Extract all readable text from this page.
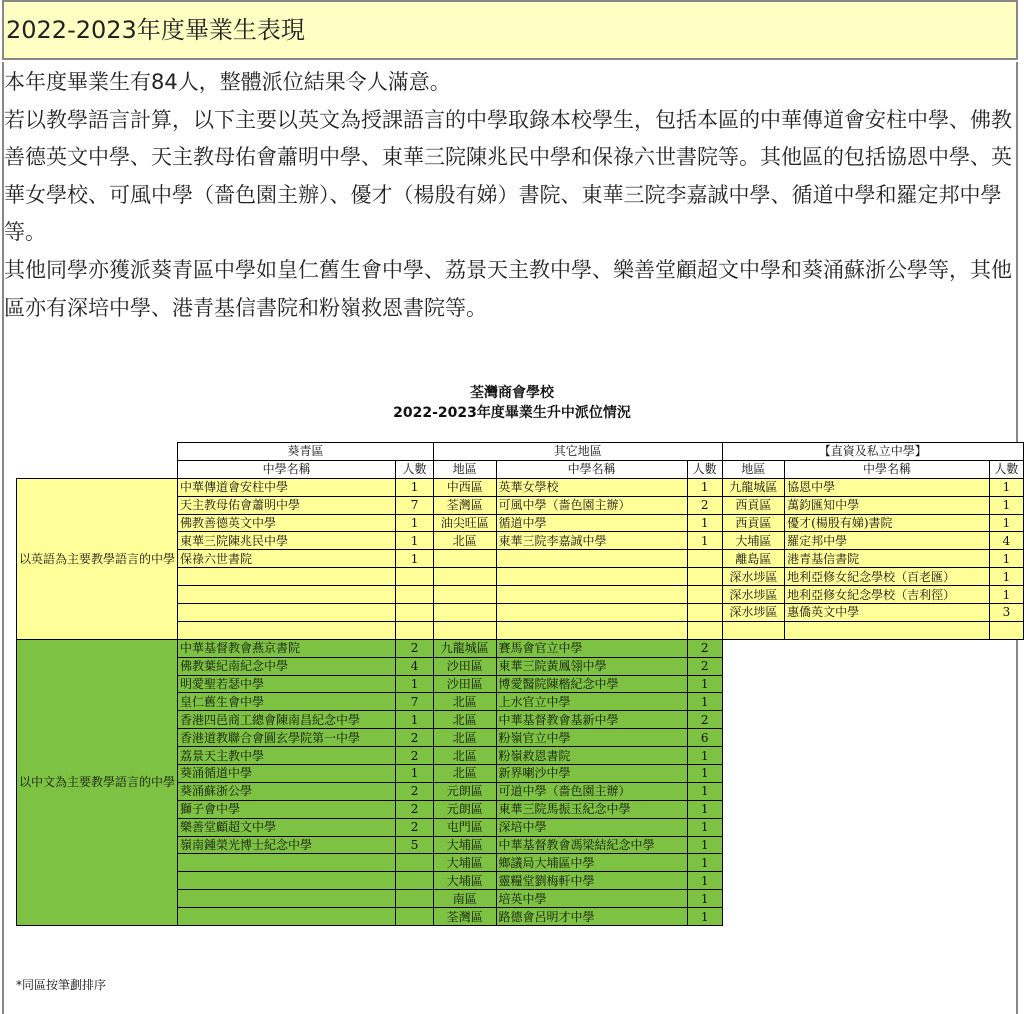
2022-2023年度畢業生表現

本年度畢業生有84人，整體派位結果令人滿意。

若以教學語言計算，以下主要以英文為授課語言的中學取錄本校學生，包括本區的中華傳道會安柱中學、佛教善德英文中學、天主教母佑會蕭明中學、東華三院陳兆民中學和保祿六世書院等。其他區的包括協恩中學、英華女學校、可風中學（嗇色園主辦）、優才（楊殷有娣）書院、東華三院李嘉誠中學、循道中學和羅定邦中學等。

其他同學亦獲派葵青區中學如皇仁舊生會中學、荔景天主教中學、樂善堂顧超文中學和葵涌蘇浙公學等，其他區亦有深培中學、港青基信書院和粉嶺救恩書院等。

荃灣商會學校
2022-2023年度畢業生升中派位情況
	葵青區		其它地區			【直資及私立中學】		
	中學名稱	人數	地區	中學名稱	人數	地區	中學名稱	人數
以英語為主要教學語言的中學	中華傳道會安柱中學	1	中西區	英華女學校	1	九龍城區	協恩中學	1
	天主教母佑會蕭明中學	7	荃灣區	可風中學（嗇色園主辦）	2	西貢區	萬鈞匯知中學	1
	佛教善德英文中學	1	油尖旺區	循道中學	1	西貢區	優才(楊殷有娣)書院	1
	東華三院陳兆民中學	1	北區	東華三院李嘉誠中學	1	大埔區	羅定邦中學	4
	保祿六世書院	1				離島區	港青基信書院	1
						深水埗區	地利亞修女紀念學校（百老匯）	1
						深水埗區	地利亞修女紀念學校（吉利徑）	1
						深水埗區	惠僑英文中學	3

以中文為主要教學語言的中學	中華基督教會燕京書院	2	九龍城區	賽馬會官立中學	2			
	佛教葉紀南紀念中學	4	沙田區	東華三院黃鳳翎中學	2			
	明愛聖若瑟中學	1	沙田區	博愛醫院陳楷紀念中學	1			
	皇仁舊生會中學	7	北區	上水官立中學	1			
	香港四邑商工總會陳南昌紀念中學	1	北區	中華基督教會基新中學	2			
	香港道教聯合會圓玄學院第一中學	2	北區	粉嶺官立中學	6			
	荔景天主教中學	2	北區	粉嶺救恩書院	1			
	葵涌循道中學	1	北區	新界喇沙中學	1			
	葵涌蘇浙公學	2	元朗區	可道中學（嗇色園主辦）	1			
	獅子會中學	2	元朗區	東華三院馬振玉紀念中學	1			
	樂善堂顧超文中學	2	屯門區	深培中學	1			
	嶺南鍾榮光博士紀念中學	5	大埔區	中華基督教會馮梁結紀念中學	1			
			大埔區	鄉議局大埔區中學	1			
			大埔區	靈糧堂劉梅軒中學	1			
			南區	培英中學	1			
			荃灣區	路德會呂明才中學	1			
*同區按筆劃排序
